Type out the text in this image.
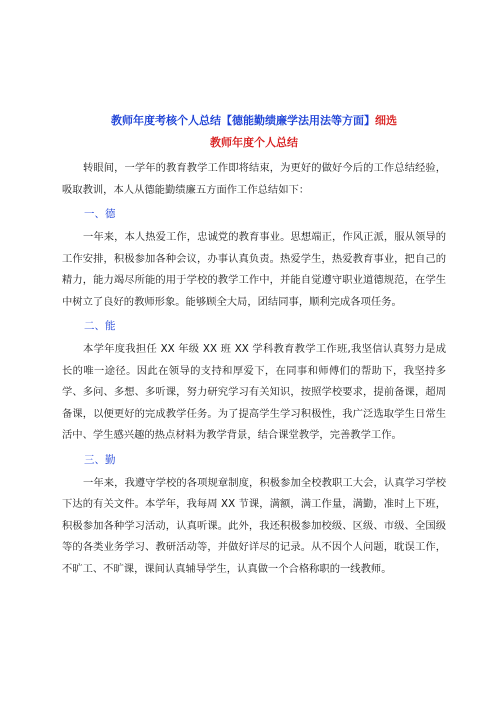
教师年度考核个人总结【德能勤绩廉学法用法等方面】细选

教师年度个人总结

转眼间，一学年的教育教学工作即将结束，为更好的做好今后的工作总结经验，吸取教训，本人从德能勤绩廉五方面作工作总结如下：

一、德

一年来，本人热爱工作，忠诚党的教育事业。思想端正，作风正派，服从领导的工作安排，积极参加各种会议，办事认真负责。热爱学生，热爱教育事业，把自己的精力，能力竭尽所能的用于学校的教学工作中，并能自觉遵守职业道德规范，在学生中树立了良好的教师形象。能够顾全大局，团结同事，顺利完成各项任务。

二、能

本学年度我担任 XX 年级 XX 班 XX 学科教育教学工作班,我坚信认真努力是成长的唯一途径。因此在领导的支持和厚爱下，在同事和师傅们的帮助下，我坚持多学、多问、多想、多听课，努力研究学习有关知识，按照学校要求，提前备课，超周备课，以便更好的完成教学任务。为了提高学生学习积极性，我广泛选取学生日常生活中、学生感兴趣的热点材料为教学背景，结合课堂教学，完善教学工作。

三、勤

一年来，我遵守学校的各项规章制度，积极参加全校教职工大会，认真学习学校下达的有关文件。本学年，我每周 XX 节课，满额，满工作量，满勤，准时上下班，积极参加各种学习活动，认真听课。此外，我还积极参加校级、区级、市级、全国级等的各类业务学习、教研活动等，并做好详尽的记录。从不因个人问题，耽误工作，不旷工、不旷课，课间认真辅导学生，认真做一个合格称职的一线教师。
